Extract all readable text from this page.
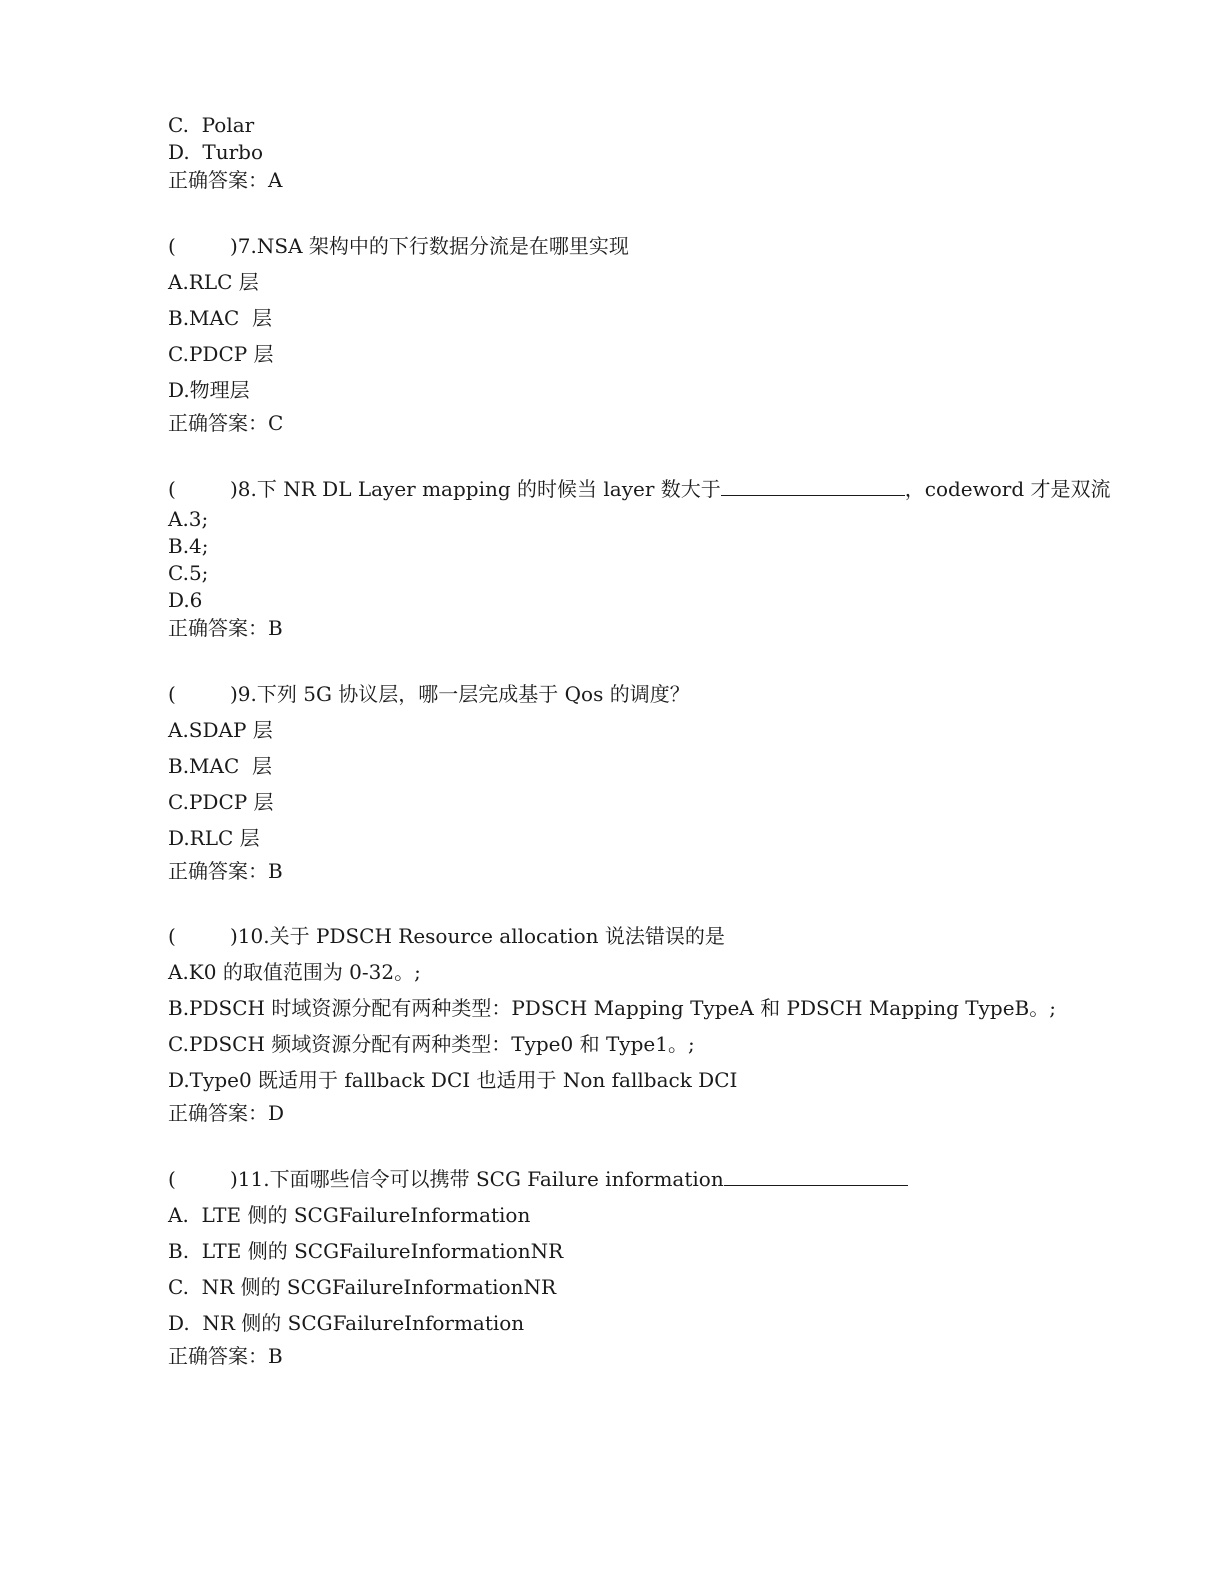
C.  Polar
D.  Turbo
正确答案：A
(	)7.NSA 架构中的下行数据分流是在哪里实现
A.RLC 层
B.MAC  层
C.PDCP 层
D.物理层
正确答案：C
(	)8.下 NR DL Layer mapping 的时候当 layer 数大于	，codeword 才是双流
A.3;
B.4;
C.5;
D.6
正确答案：B
(	)9.下列 5G 协议层，哪一层完成基于 Qos 的调度？
A.SDAP 层
B.MAC  层
C.PDCP 层
D.RLC 层
正确答案：B
(	)10.关于 PDSCH Resource allocation 说法错误的是
A.K0 的取值范围为 0-32。;
B.PDSCH 时域资源分配有两种类型：PDSCH Mapping TypeA 和 PDSCH Mapping TypeB。;
C.PDSCH 频域资源分配有两种类型：Type0 和 Type1。;
D.Type0 既适用于 fallback DCI 也适用于 Non fallback DCI
正确答案：D
(	)11.下面哪些信令可以携带 SCG Failure information
A.  LTE 侧的 SCGFailureInformation
B.  LTE 侧的 SCGFailureInformationNR
C.  NR 侧的 SCGFailureInformationNR
D.  NR 侧的 SCGFailureInformation
正确答案：B
